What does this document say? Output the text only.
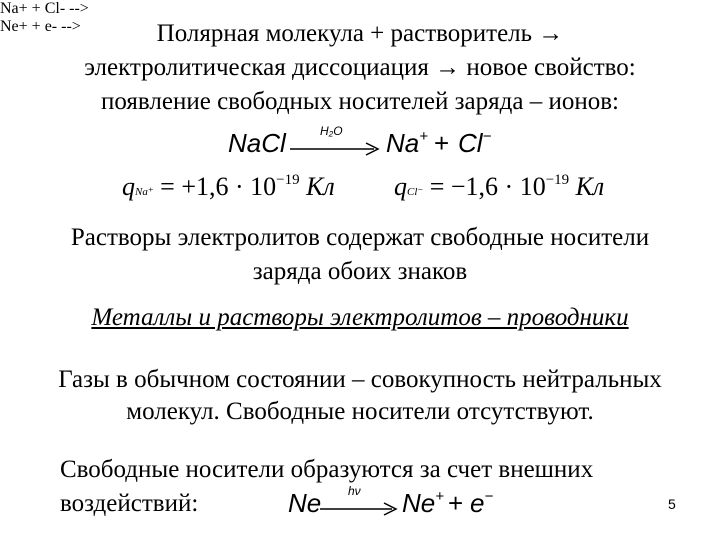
Полярная молекула + растворитель →
электролитическая диссоциация → новое свойство:
появление свободных носителей заряда – ионов:
Na+ + Cl- -->
NaCl	H₂O Na+ + Cl−
$qNa^+ = +1,6 \cdot 10^{-19}$ Кл $qCl^- = -1,6 \cdot 10^{-19}$ Кл
Растворы электролитов содержат свободные носители
заряда обоих знаков
Металлы и растворы электролитов – проводники
Газы в обычном состоянии – совокупность нейтральных
молекул. Свободные носители отсутствуют.
Свободные носители образуются за счет внешних
воздействий:
Ne+ + e- -->
Ne hν Ne+ + e−	5
